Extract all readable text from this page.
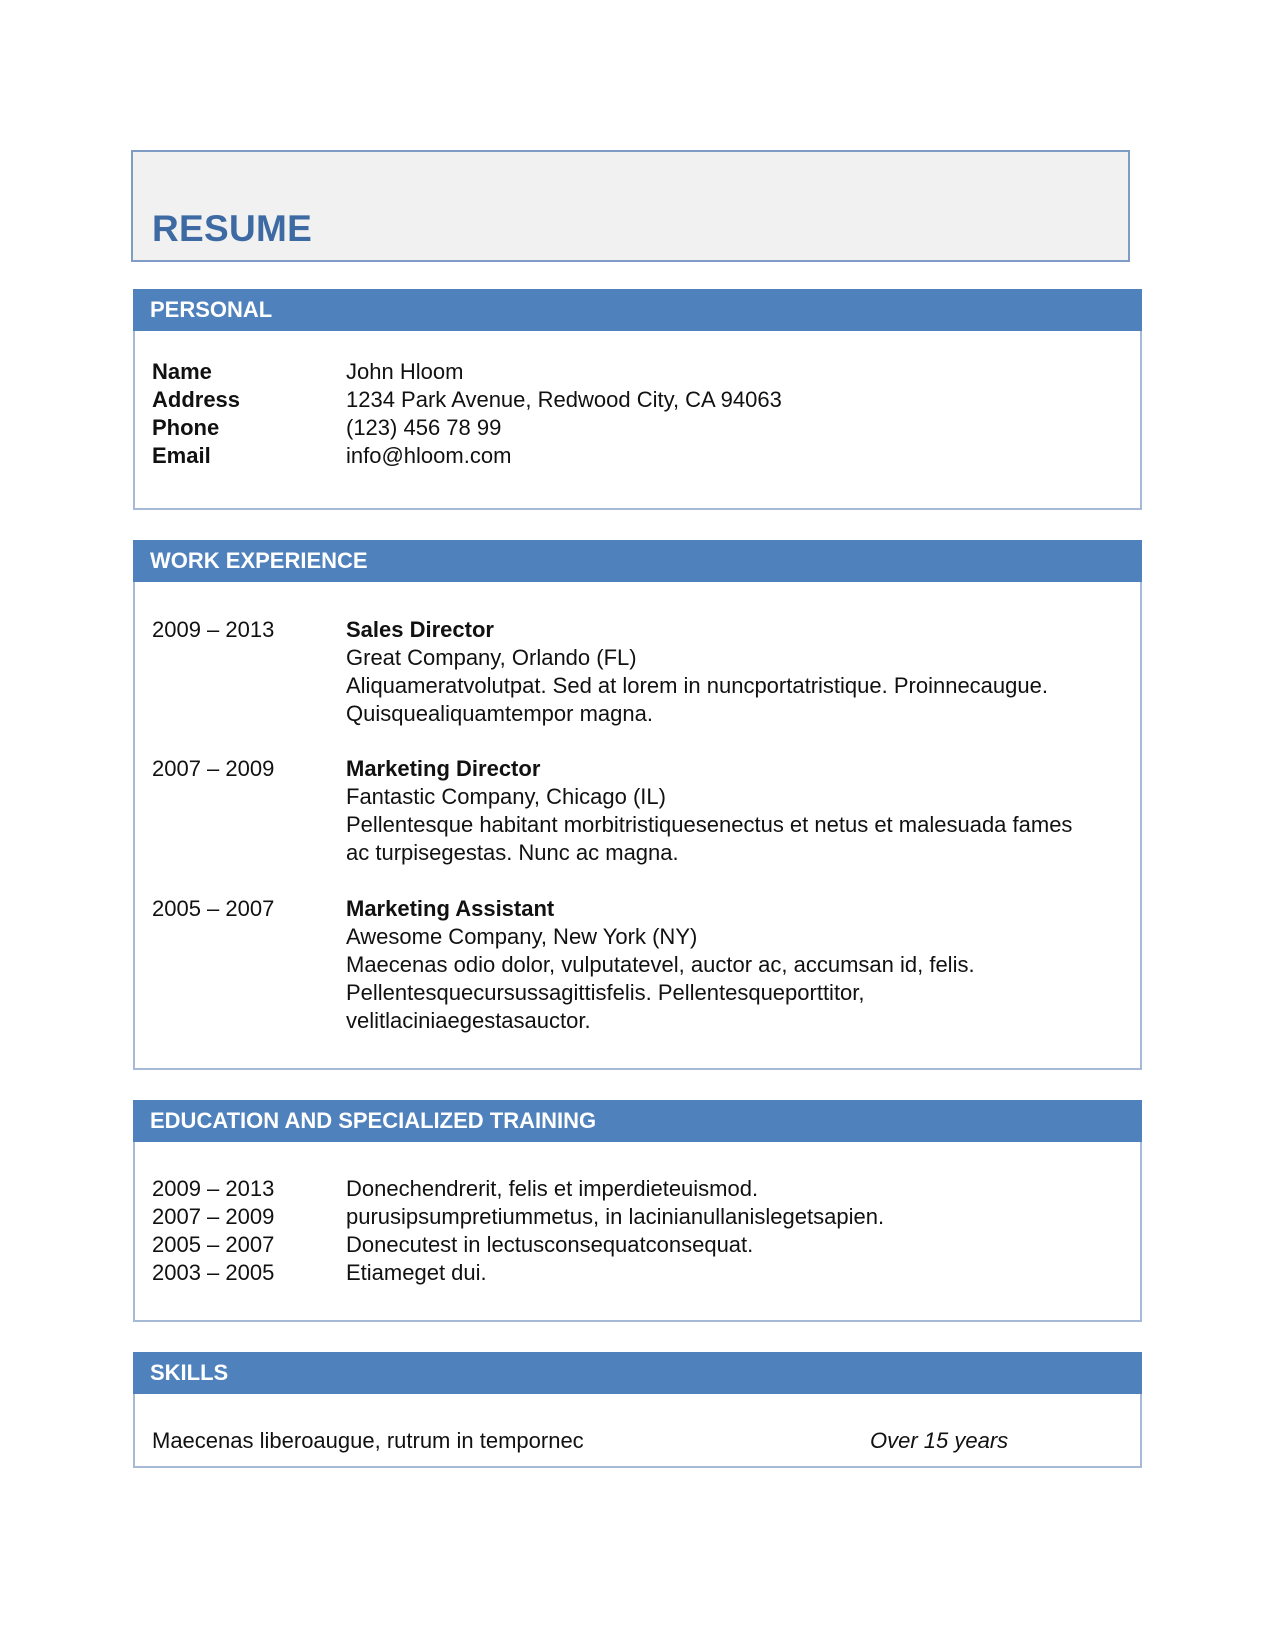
RESUME
PERSONAL
Name	John Hloom
Address	1234 Park Avenue, Redwood City, CA 94063
Phone	(123) 456 78 99
Email	info@hloom.com
WORK EXPERIENCE
2009 – 2013	Sales Director
Great Company, Orlando (FL)
Aliquameratvolutpat. Sed at lorem in nuncportatristique. Proinnecaugue.
Quisquealiquamtempor magna.
2007 – 2009	Marketing Director
Fantastic Company, Chicago (IL)
Pellentesque habitant morbitristiquesenectus et netus et malesuada fames
ac turpisegestas. Nunc ac magna.
2005 – 2007	Marketing Assistant
Awesome Company, New York (NY)
Maecenas odio dolor, vulputatevel, auctor ac, accumsan id, felis.
Pellentesquecursussagittisfelis. Pellentesqueporttitor,
velitlaciniaegestasauctor.
EDUCATION AND SPECIALIZED TRAINING
2009 – 2013	Donechendrerit, felis et imperdieteuismod.
2007 – 2009	purusipsumpretiummetus, in lacinianullanislegetsapien.
2005 – 2007	Donecutest in lectusconsequatconsequat.
2003 – 2005	Etiameget dui.
SKILLS
Maecenas liberoaugue, rutrum in tempornec	Over 15 years
